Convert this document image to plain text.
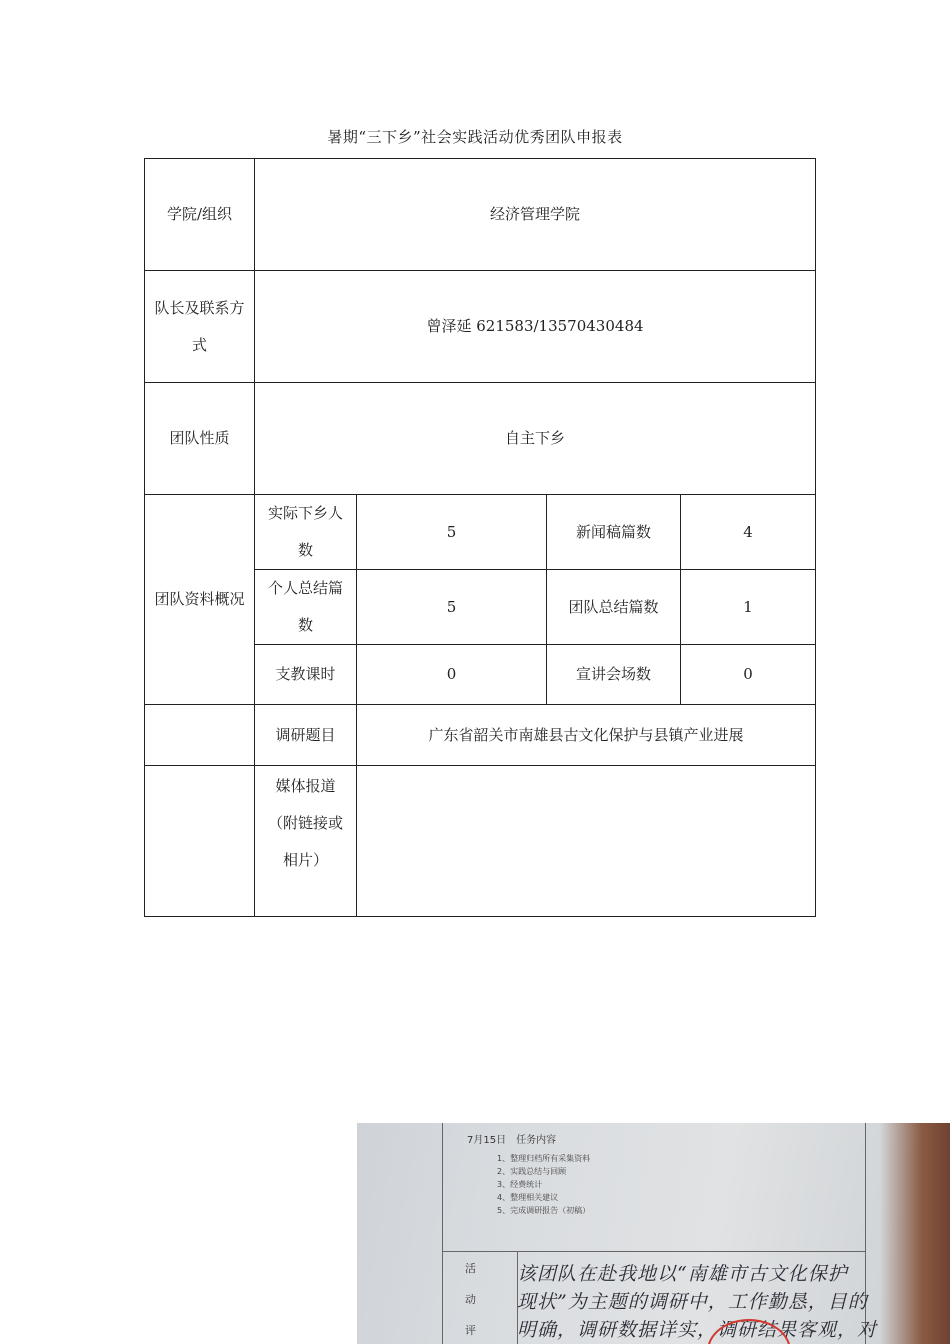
暑期“三下乡”社会实践活动优秀团队申报表
学院/组织	经济管理学院			
队长及联系方式	曾泽延 621583/13570430484			
团队性质	自主下乡			
团队资料概况	实际下乡人数	5	新闻稿篇数	4
	个人总结篇数	5	团队总结篇数	1
	支教课时	0	宣讲会场数	0
	调研题目	广东省韶关市南雄县古文化保护与县镇产业进展		
	媒体报道（附链接或相片）			
7月15日　任务内容
1、整理归档所有采集资料
2、实践总结与回顾
3、经费统计
4、整理相关建议
5、完成调研报告（初稿）
活
动
评
该团队在赴我地以“南雄市古文化保护
现状”为主题的调研中，工作勤恳，目的
明确，调研数据详实，调研结果客观，对
